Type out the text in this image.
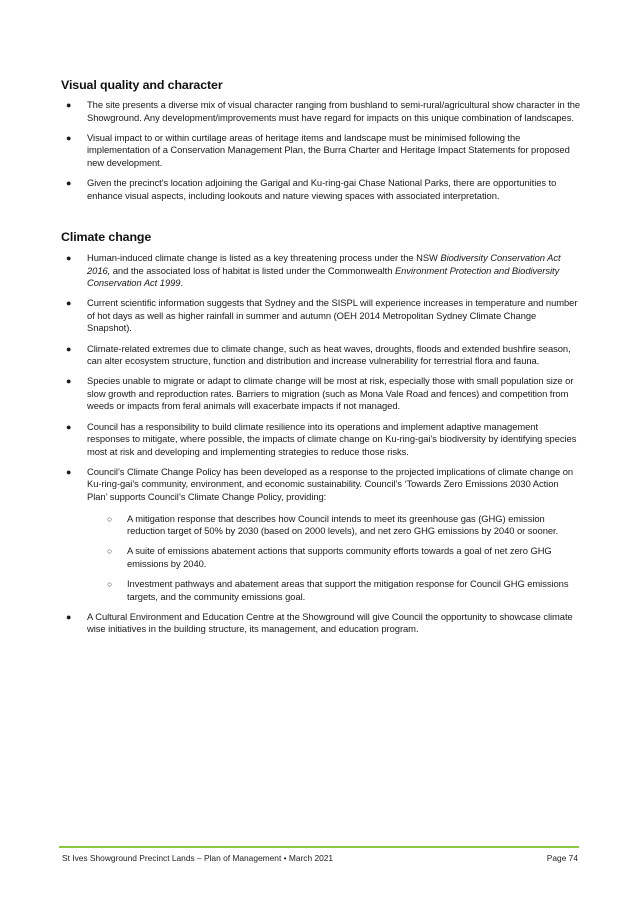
Visual quality and character
● The site presents a diverse mix of visual character ranging from bushland to semi-rural/agricultural show character in the Showground. Any development/improvements must have regard for impacts on this unique combination of landscapes.
● Visual impact to or within curtilage areas of heritage items and landscape must be minimised following the implementation of a Conservation Management Plan, the Burra Charter and Heritage Impact Statements for proposed new development.
● Given the precinct’s location adjoining the Garigal and Ku-ring-gai Chase National Parks, there are opportunities to enhance visual aspects, including lookouts and nature viewing spaces with associated interpretation.
Climate change
● Human-induced climate change is listed as a key threatening process under the NSW Biodiversity Conservation Act 2016, and the associated loss of habitat is listed under the Commonwealth Environment Protection and Biodiversity Conservation Act 1999.
● Current scientific information suggests that Sydney and the SISPL will experience increases in temperature and number of hot days as well as higher rainfall in summer and autumn (OEH 2014 Metropolitan Sydney Climate Change Snapshot).
● Climate-related extremes due to climate change, such as heat waves, droughts, floods and extended bushfire season, can alter ecosystem structure, function and distribution and increase vulnerability for terrestrial flora and fauna.
● Species unable to migrate or adapt to climate change will be most at risk, especially those with small population size or slow growth and reproduction rates. Barriers to migration (such as Mona Vale Road and fences) and competition from weeds or impacts from feral animals will exacerbate impacts if not managed.
● Council has a responsibility to build climate resilience into its operations and implement adaptive management responses to mitigate, where possible, the impacts of climate change on Ku-ring-gai’s biodiversity by identifying species most at risk and developing and implementing strategies to reduce those risks.
● Council’s Climate Change Policy has been developed as a response to the projected implications of climate change on Ku-ring-gai’s community, environment, and economic sustainability. Council’s ‘Towards Zero Emissions 2030 Action Plan’ supports Council’s Climate Change Policy, providing:
○ A mitigation response that describes how Council intends to meet its greenhouse gas (GHG) emission reduction target of 50% by 2030 (based on 2000 levels), and net zero GHG emissions by 2040 or sooner.
○ A suite of emissions abatement actions that supports community efforts towards a goal of net zero GHG emissions by 2040.
○ Investment pathways and abatement areas that support the mitigation response for Council GHG emissions targets, and the community emissions goal.
● A Cultural Environment and Education Centre at the Showground will give Council the opportunity to showcase climate wise initiatives in the building structure, its management, and education program.
St Ives Showground Precinct Lands – Plan of Management • March 2021	Page 74
